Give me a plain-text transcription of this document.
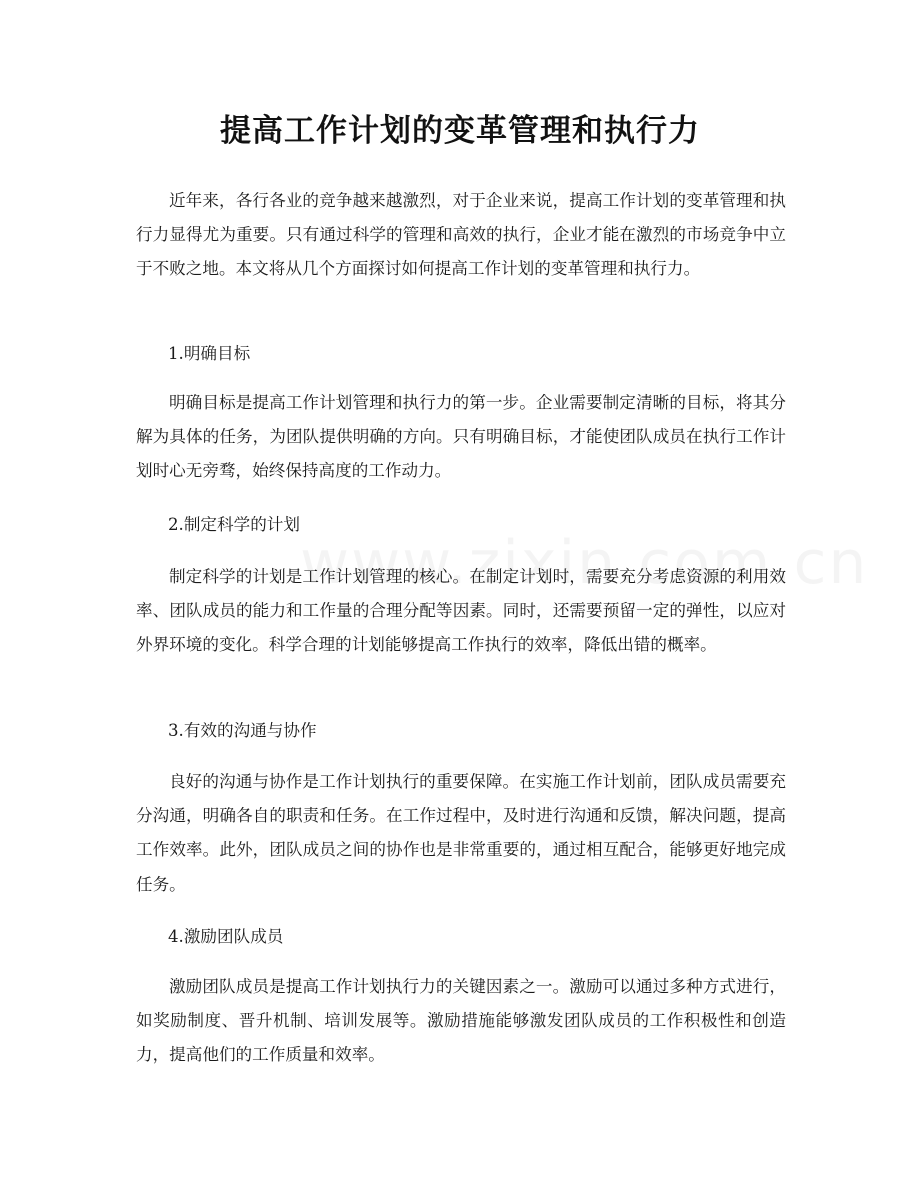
提高工作计划的变革管理和执行力

近年来，各行各业的竞争越来越激烈，对于企业来说，提高工作计划的变革管理和执行力显得尤为重要。只有通过科学的管理和高效的执行，企业才能在激烈的市场竞争中立于不败之地。本文将从几个方面探讨如何提高工作计划的变革管理和执行力。

1.明确目标

明确目标是提高工作计划管理和执行力的第一步。企业需要制定清晰的目标，将其分解为具体的任务，为团队提供明确的方向。只有明确目标，才能使团队成员在执行工作计划时心无旁骛，始终保持高度的工作动力。

2.制定科学的计划

制定科学的计划是工作计划管理的核心。在制定计划时，需要充分考虑资源的利用效率、团队成员的能力和工作量的合理分配等因素。同时，还需要预留一定的弹性，以应对外界环境的变化。科学合理的计划能够提高工作执行的效率，降低出错的概率。

3.有效的沟通与协作

良好的沟通与协作是工作计划执行的重要保障。在实施工作计划前，团队成员需要充分沟通，明确各自的职责和任务。在工作过程中，及时进行沟通和反馈，解决问题，提高工作效率。此外，团队成员之间的协作也是非常重要的，通过相互配合，能够更好地完成任务。

4.激励团队成员

激励团队成员是提高工作计划执行力的关键因素之一。激励可以通过多种方式进行，如奖励制度、晋升机制、培训发展等。激励措施能够激发团队成员的工作积极性和创造力，提高他们的工作质量和效率。
